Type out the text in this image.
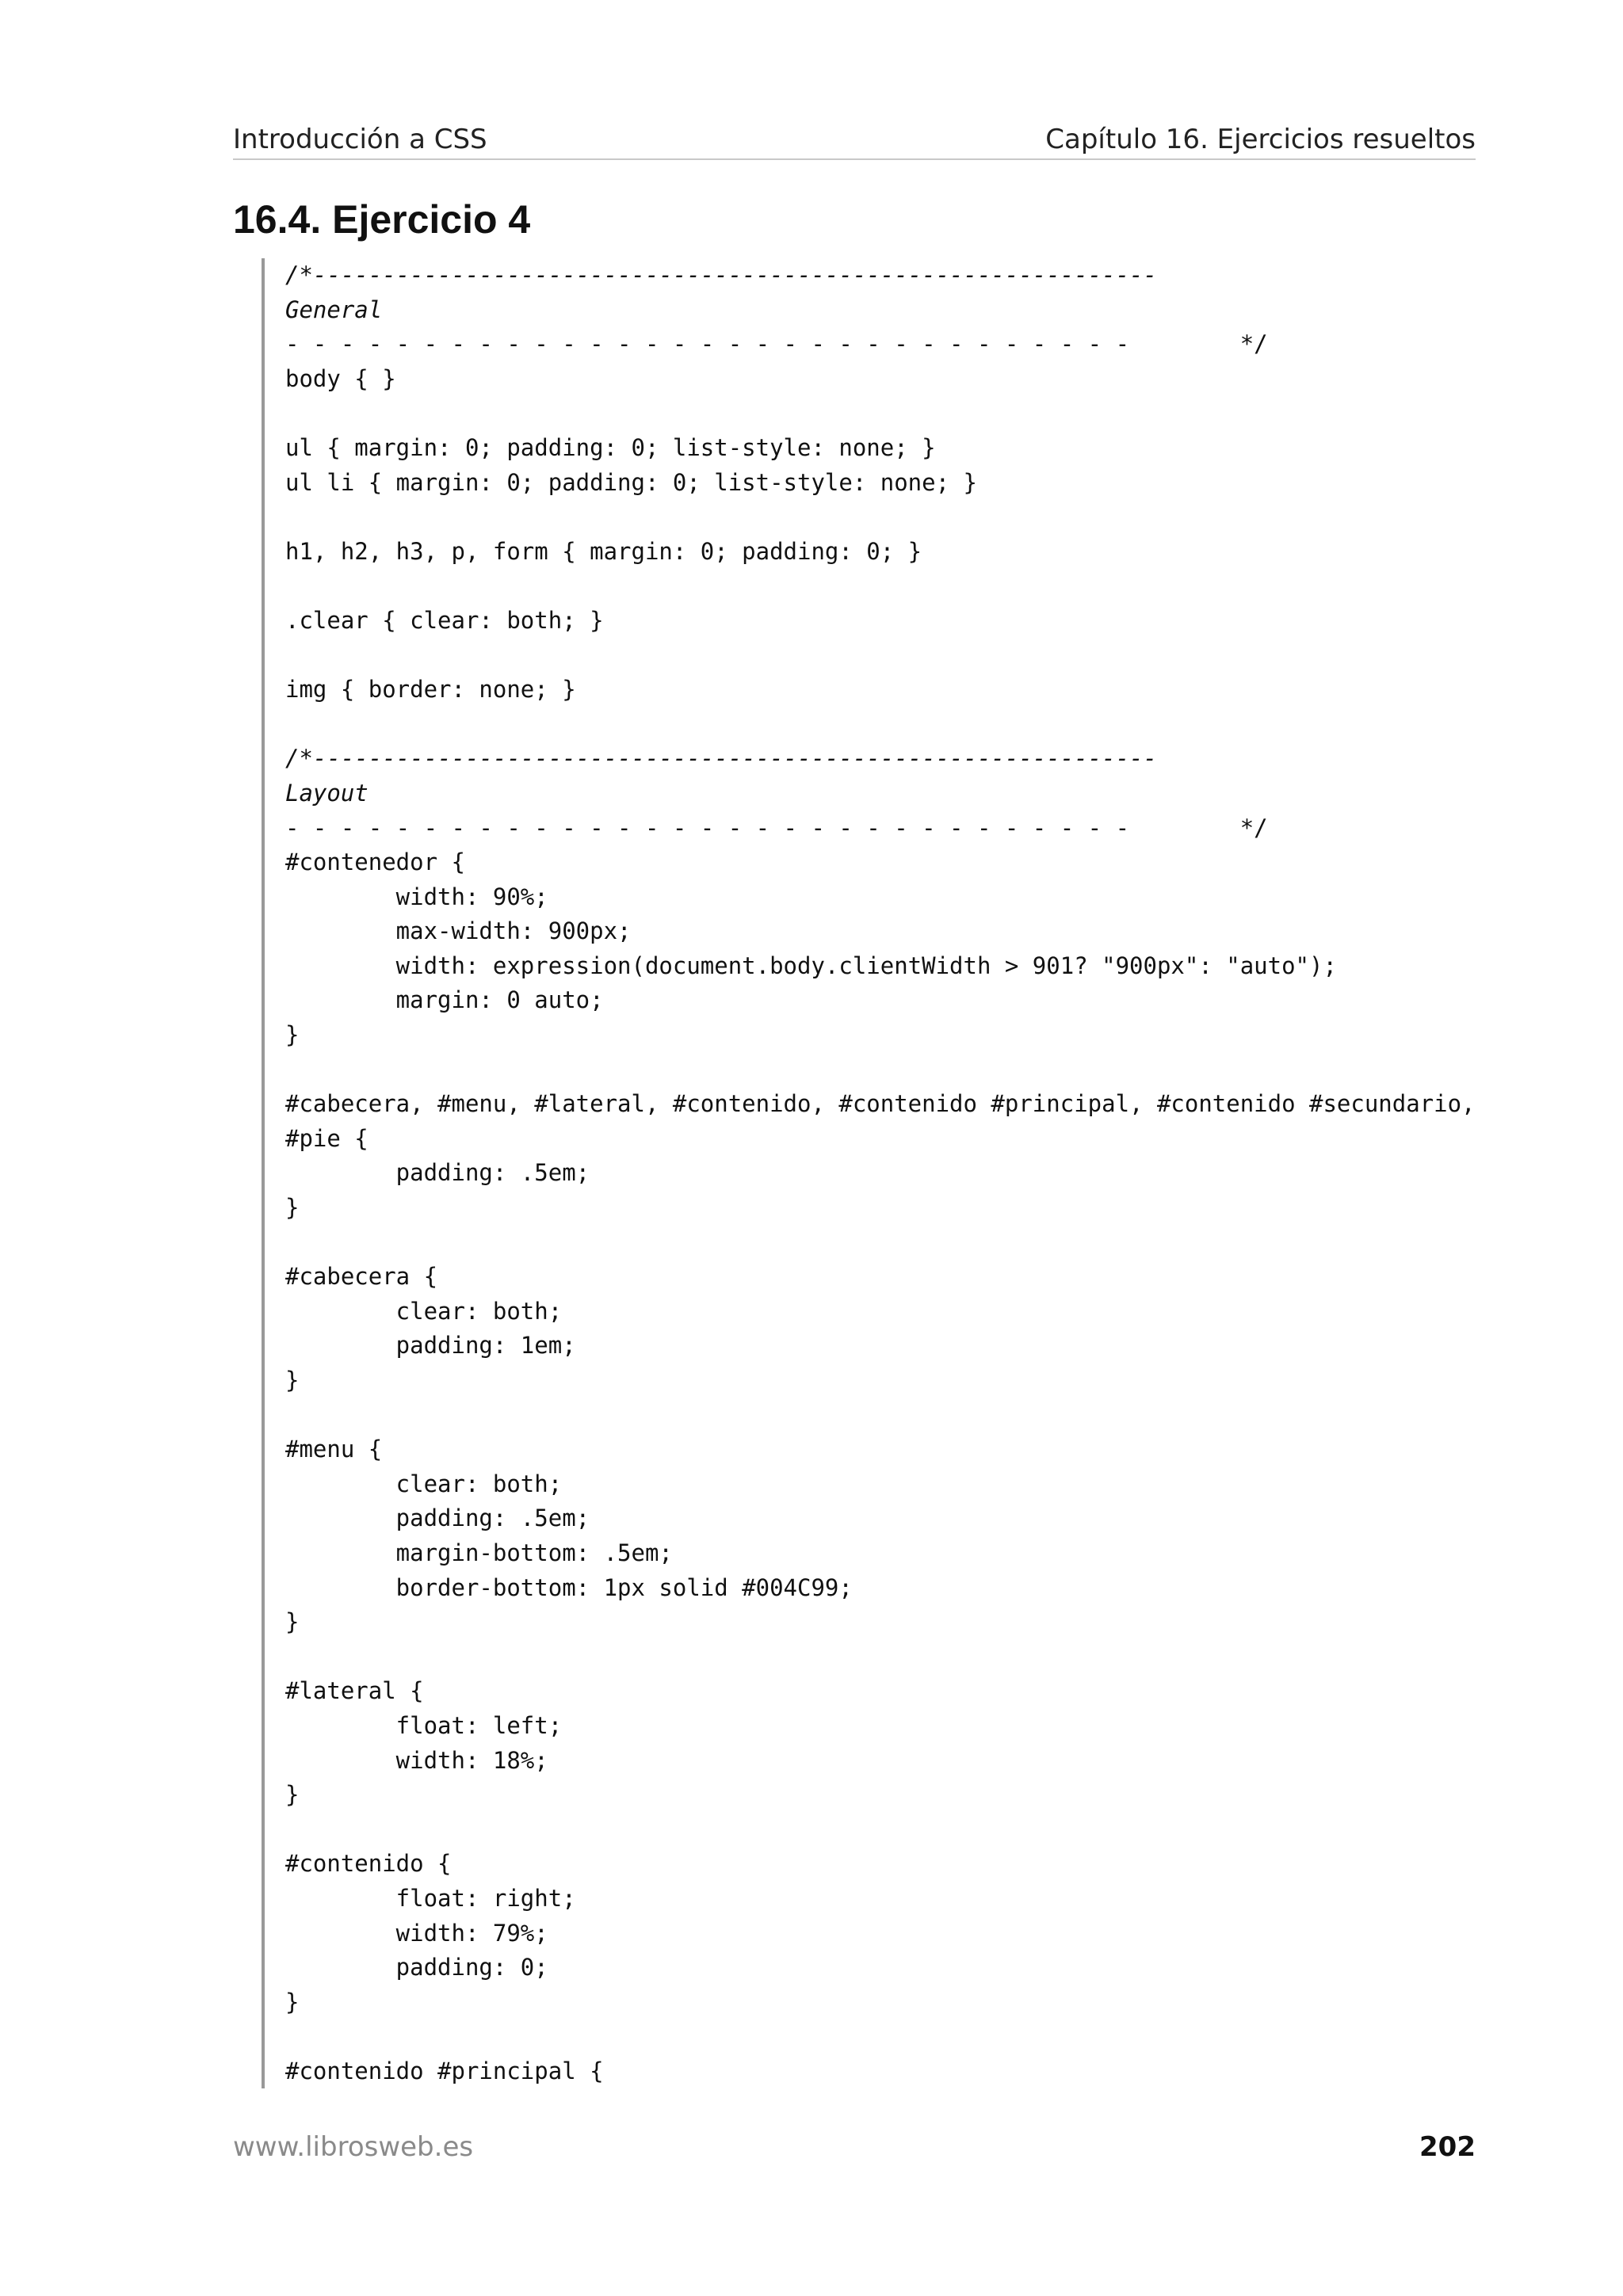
Introducción a CSS	Capítulo 16. Ejercicios resueltos
16.4. Ejercicio 4
/*-------------------------------------------------------------
General
- - - - - - - - - - - - - - - - - - - - - - - - - - - - - - -        */
body { }
ul { margin: 0; padding: 0; list-style: none; }
ul li { margin: 0; padding: 0; list-style: none; }
h1, h2, h3, p, form { margin: 0; padding: 0; }
.clear { clear: both; }
img { border: none; }
/*-------------------------------------------------------------
Layout
- - - - - - - - - - - - - - - - - - - - - - - - - - - - - - -        */
#contenedor {
width: 90%;
max-width: 900px;
width: expression(document.body.clientWidth > 901? "900px": "auto");
margin: 0 auto;
}
#cabecera, #menu, #lateral, #contenido, #contenido #principal, #contenido #secundario,
#pie {
padding: .5em;
}
#cabecera {
clear: both;
padding: 1em;
}
#menu {
clear: both;
padding: .5em;
margin-bottom: .5em;
border-bottom: 1px solid #004C99;
}
#lateral {
float: left;
width: 18%;
}
#contenido {
float: right;
width: 79%;
padding: 0;
}
#contenido #principal {
www.librosweb.es	202
